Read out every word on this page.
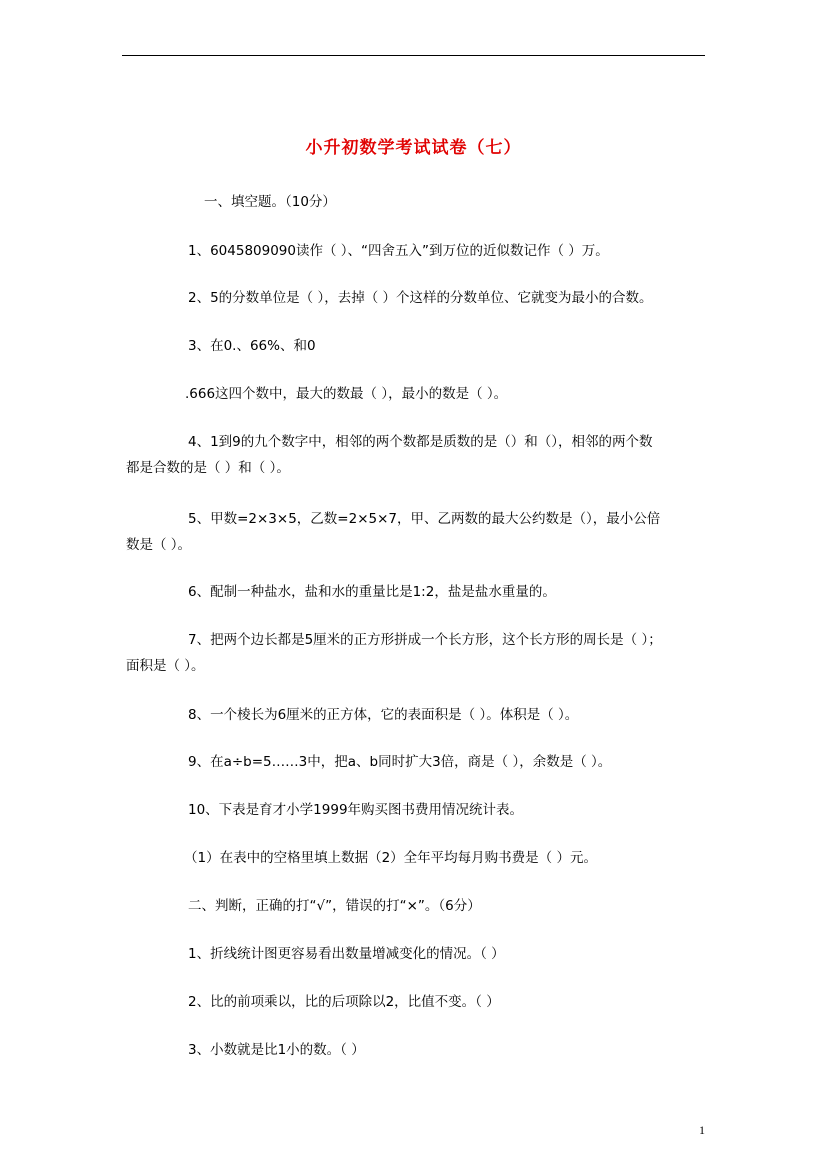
小升初数学考试试卷（七）
一、填空题。（10分）
1、6045809090读作（ ）、“四舍五入”到万位的近似数记作（ ）万。
2、5的分数单位是（ ），去掉（ ）个这样的分数单位、它就变为最小的合数。
3、在0.、66%、和0
.666这四个数中，最大的数最（ ），最小的数是（ ）。
4、1到9的九个数字中，相邻的两个数都是质数的是（）和（），相邻的两个数
都是合数的是（ ）和（ ）。
5、甲数=2×3×5，乙数=2×5×7，甲、乙两数的最大公约数是（），最小公倍
数是（ ）。
6、配制一种盐水，盐和水的重量比是1:2，盐是盐水重量的。
7、把两个边长都是5厘米的正方形拼成一个长方形，这个长方形的周长是（ ）；
面积是（ ）。
8、一个棱长为6厘米的正方体，它的表面积是（ ）。体积是（ ）。
9、在a÷b=5……3中，把a、b同时扩大3倍，商是（ ），余数是（ ）。
10、下表是育才小学1999年购买图书费用情况统计表。
（1）在表中的空格里填上数据（2）全年平均每月购书费是（ ）元。
二、判断，正确的打“√”，错误的打“×”。（6分）
1、折线统计图更容易看出数量增减变化的情况。（ ）
2、比的前项乘以，比的后项除以2，比值不变。（ ）
3、小数就是比1小的数。（ ）
1
